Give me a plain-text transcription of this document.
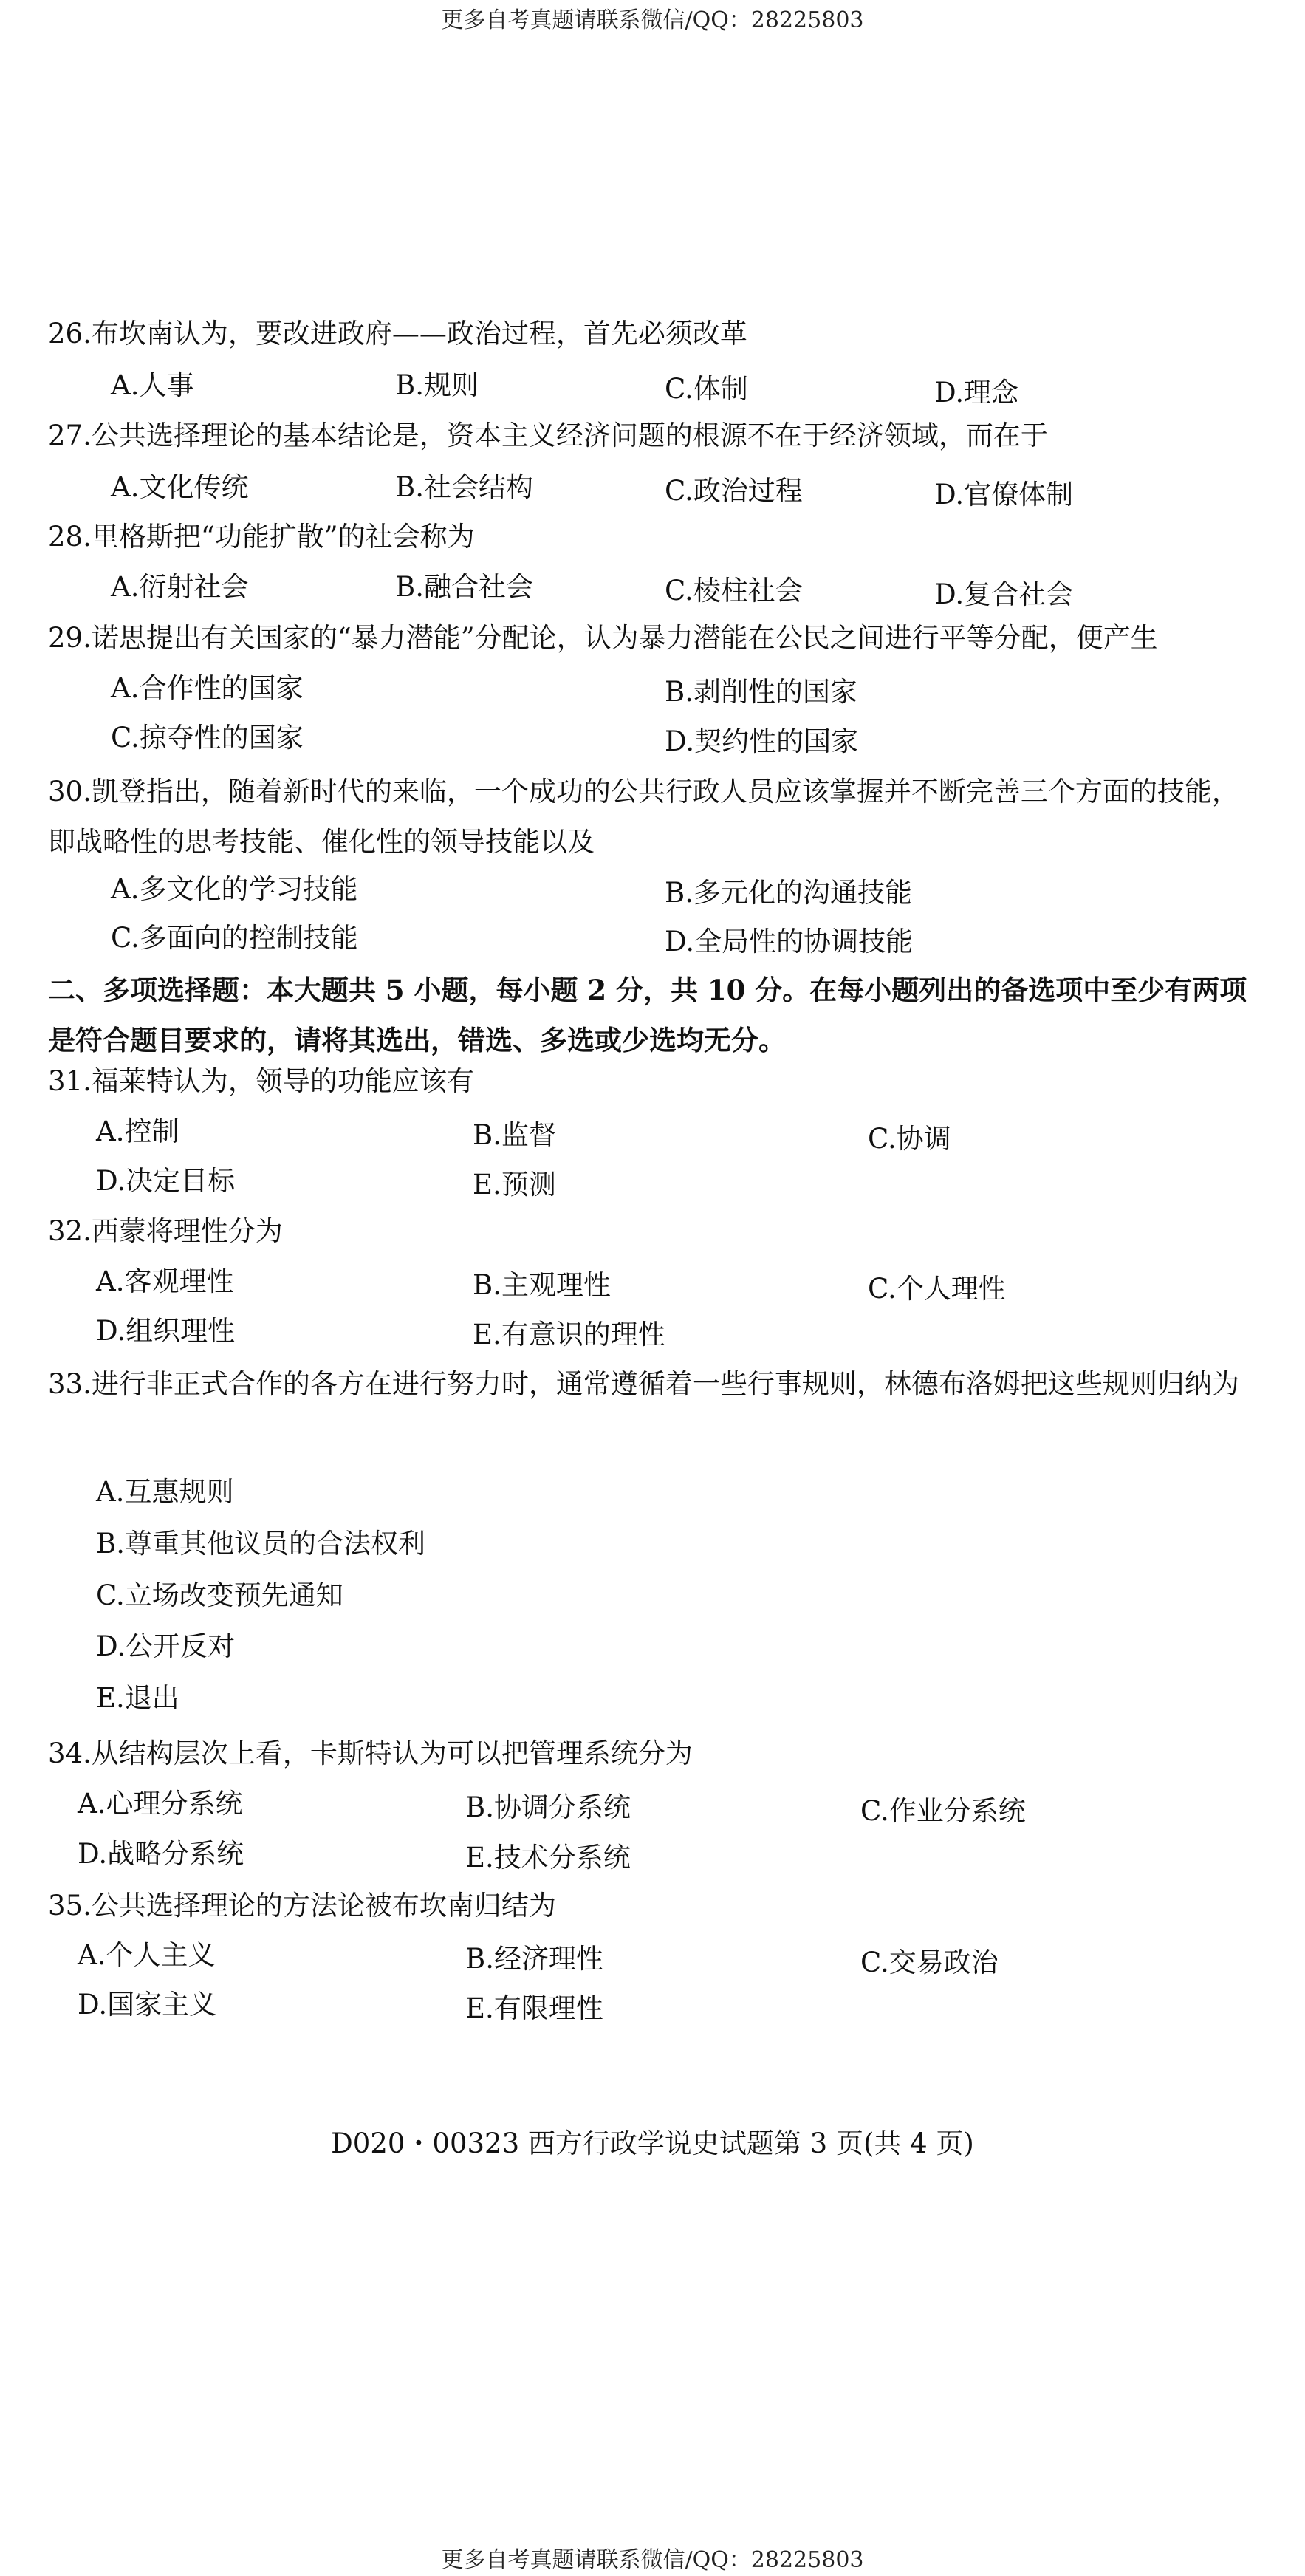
更多自考真题请联系微信/QQ：28225803
26.布坎南认为，要改进政府——政治过程，首先必须改革
A.人事	B.规则	C.体制	D.理念
27.公共选择理论的基本结论是，资本主义经济问题的根源不在于经济领域，而在于
A.文化传统	B.社会结构	C.政治过程	D.官僚体制
28.里格斯把“功能扩散”的社会称为
A.衍射社会	B.融合社会	C.棱柱社会	D.复合社会
29.诺思提出有关国家的“暴力潜能”分配论，认为暴力潜能在公民之间进行平等分配，便产生
A.合作性的国家	B.剥削性的国家
C.掠夺性的国家	D.契约性的国家
30.凯登指出，随着新时代的来临，一个成功的公共行政人员应该掌握并不断完善三个方面的技能，即战略性的思考技能、催化性的领导技能以及
A.多文化的学习技能	B.多元化的沟通技能
C.多面向的控制技能	D.全局性的协调技能
二、多项选择题：本大题共 5 小题，每小题 2 分，共 10 分。在每小题列出的备选项中至少有两项是符合题目要求的，请将其选出，错选、多选或少选均无分。
31.福莱特认为，领导的功能应该有
A.控制	B.监督	C.协调
D.决定目标	E.预测
32.西蒙将理性分为
A.客观理性	B.主观理性	C.个人理性
D.组织理性	E.有意识的理性
33.进行非正式合作的各方在进行努力时，通常遵循着一些行事规则，林德布洛姆把这些规则归纳为
A.互惠规则
B.尊重其他议员的合法权利
C.立场改变预先通知
D.公开反对
E.退出
34.从结构层次上看，卡斯特认为可以把管理系统分为
A.心理分系统	B.协调分系统	C.作业分系统
D.战略分系统	E.技术分系统
35.公共选择理论的方法论被布坎南归结为
A.个人主义	B.经济理性	C.交易政治
D.国家主义	E.有限理性
D020・00323 西方行政学说史试题第 3 页(共 4 页)
更多自考真题请联系微信/QQ：28225803
